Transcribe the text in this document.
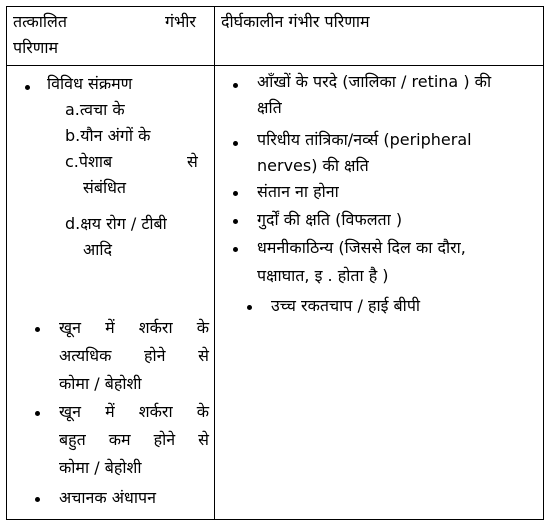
तत्कालित	गंभीर
परिणाम
दीर्घकालीन गंभीर परिणाम
विविध संक्रमण
a.त्वचा के
b.यौन अंगों के
c.पेशाब	से
संबंधित
d.क्षय रोग / टीबी
आदि
खून में शर्करा के
अत्यधिक होने से
कोमा / बेहोशी
खून में शर्करा के
बहुत कम होने से
कोमा / बेहोशी
अचानक अंधापन
आँखों के परदे (जालिका / retina ) की
क्षति
परिधीय तांत्रिका/नर्व्स (peripheral
nerves) की क्षति
संतान ना होना
गुर्दों की क्षति (विफलता )
धमनीकाठिन्य (जिससे दिल का दौरा,
पक्षाघात, इ . होता है )
उच्च रकतचाप / हाई बीपी
